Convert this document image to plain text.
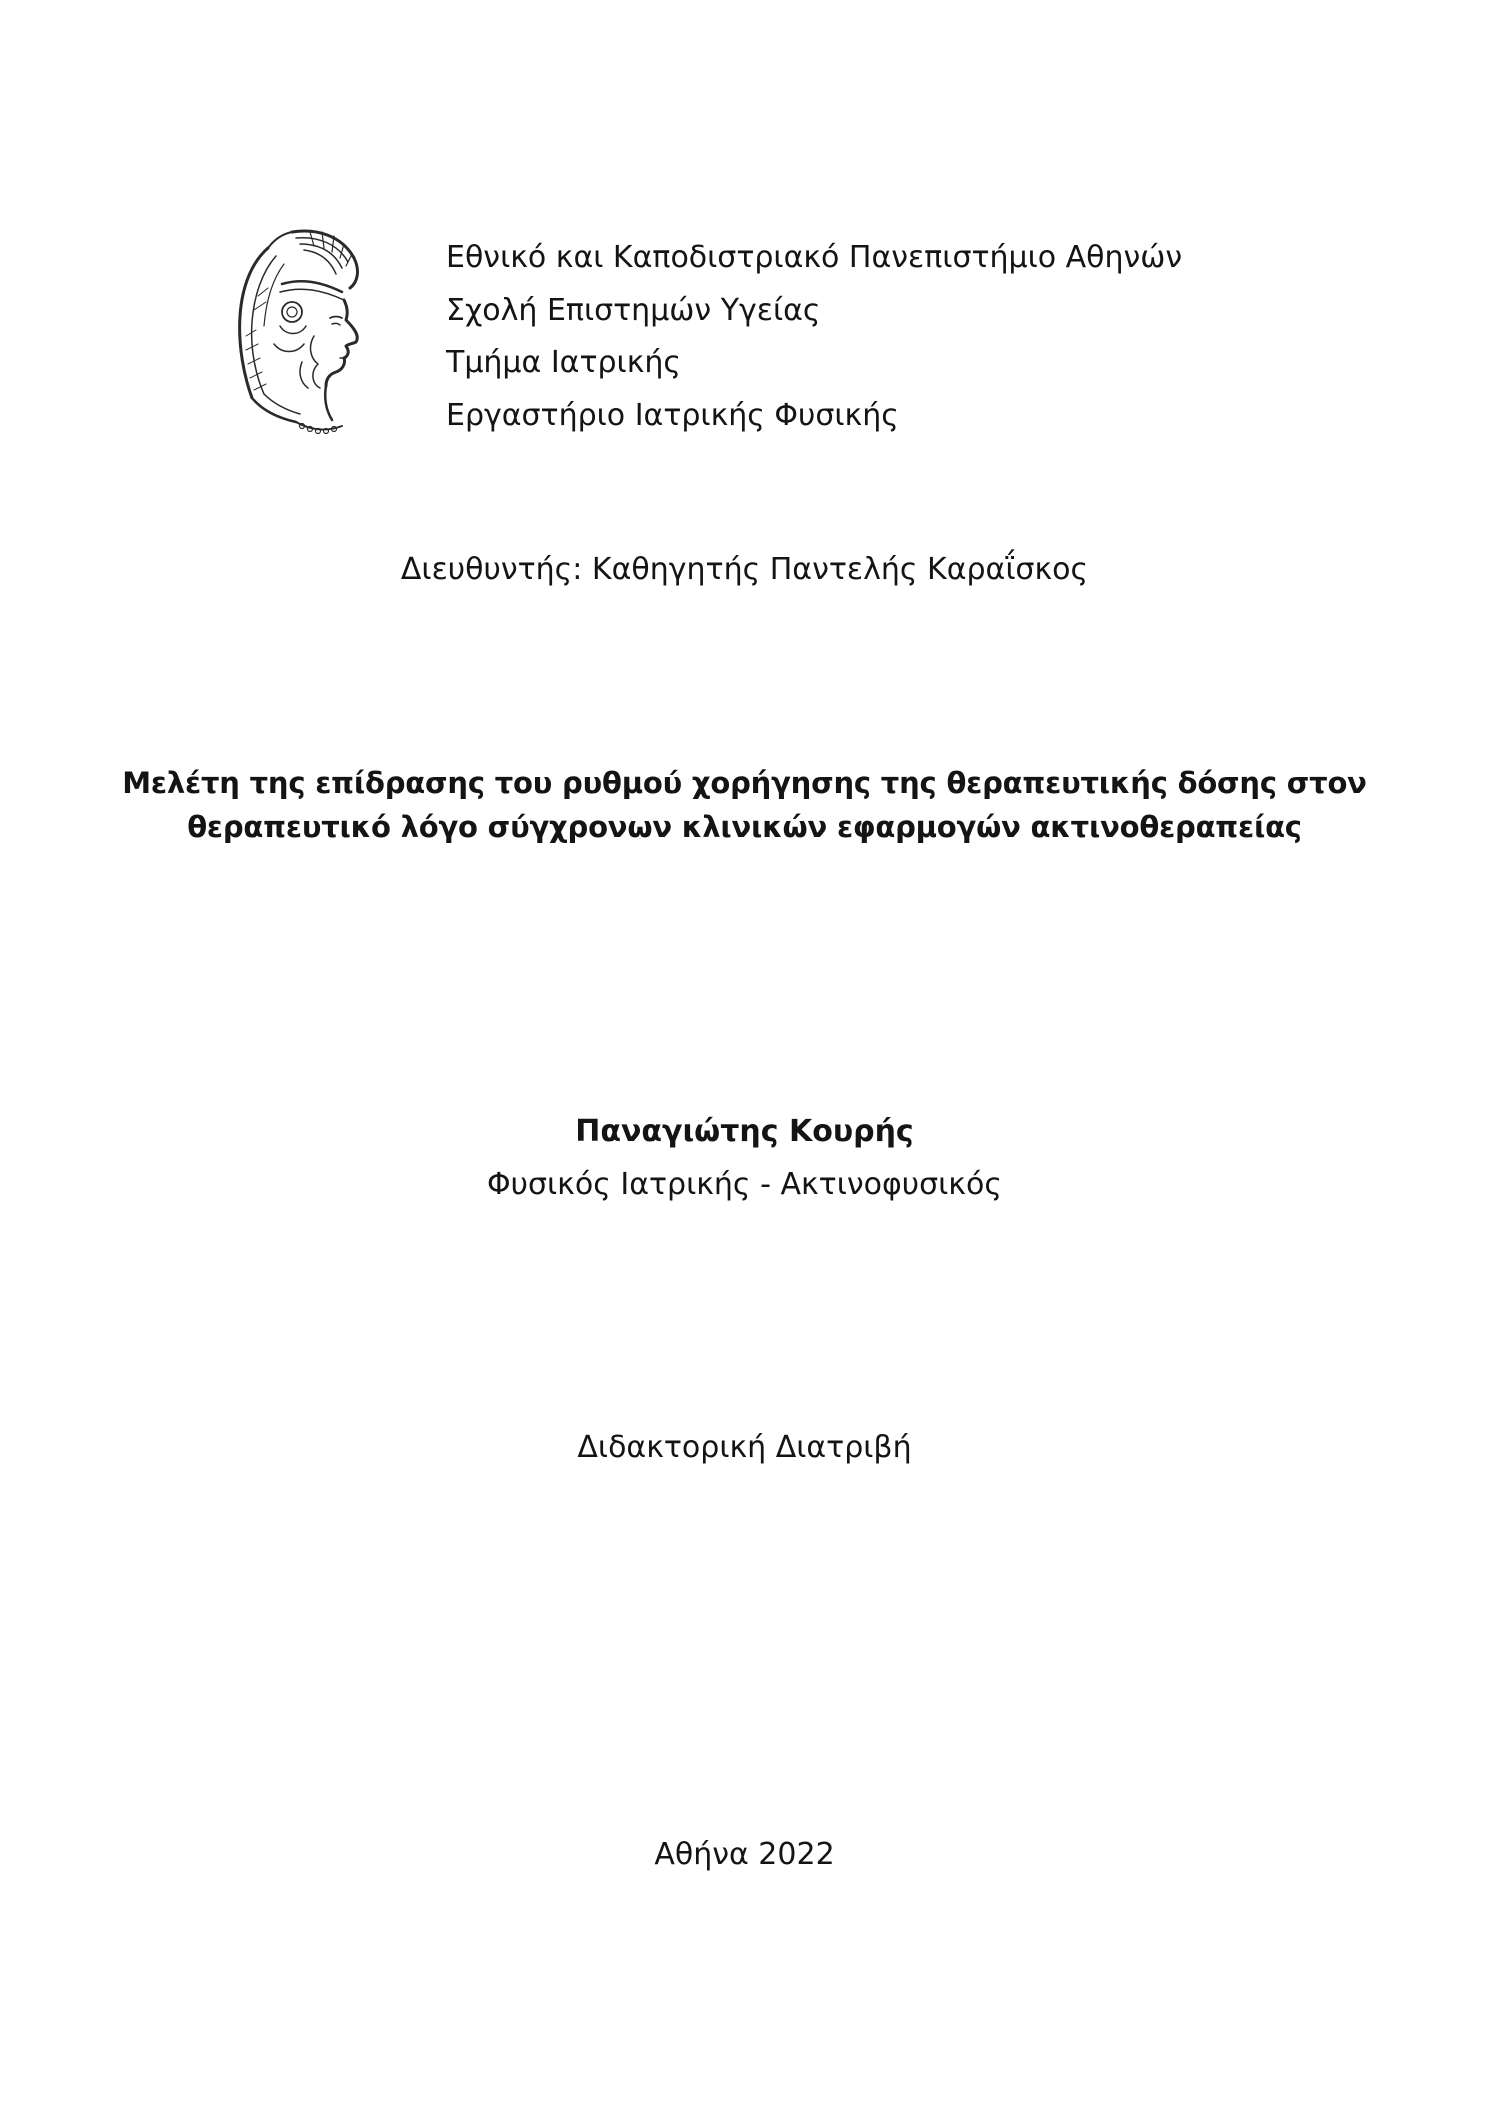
Εθνικό και Καποδιστριακό Πανεπιστήμιο Αθηνών
Σχολή Επιστημών Υγείας
Τμήμα Ιατρικής
Εργαστήριο Ιατρικής Φυσικής
Διευθυντής: Καθηγητής Παντελής Καραΐσκος
Μελέτη της επίδρασης του ρυθμού χορήγησης της θεραπευτικής δόσης στον
θεραπευτικό λόγο σύγχρονων κλινικών εφαρμογών ακτινοθεραπείας
Παναγιώτης Κουρής
Φυσικός Ιατρικής - Ακτινοφυσικός
Διδακτορική Διατριβή
Αθήνα 2022
